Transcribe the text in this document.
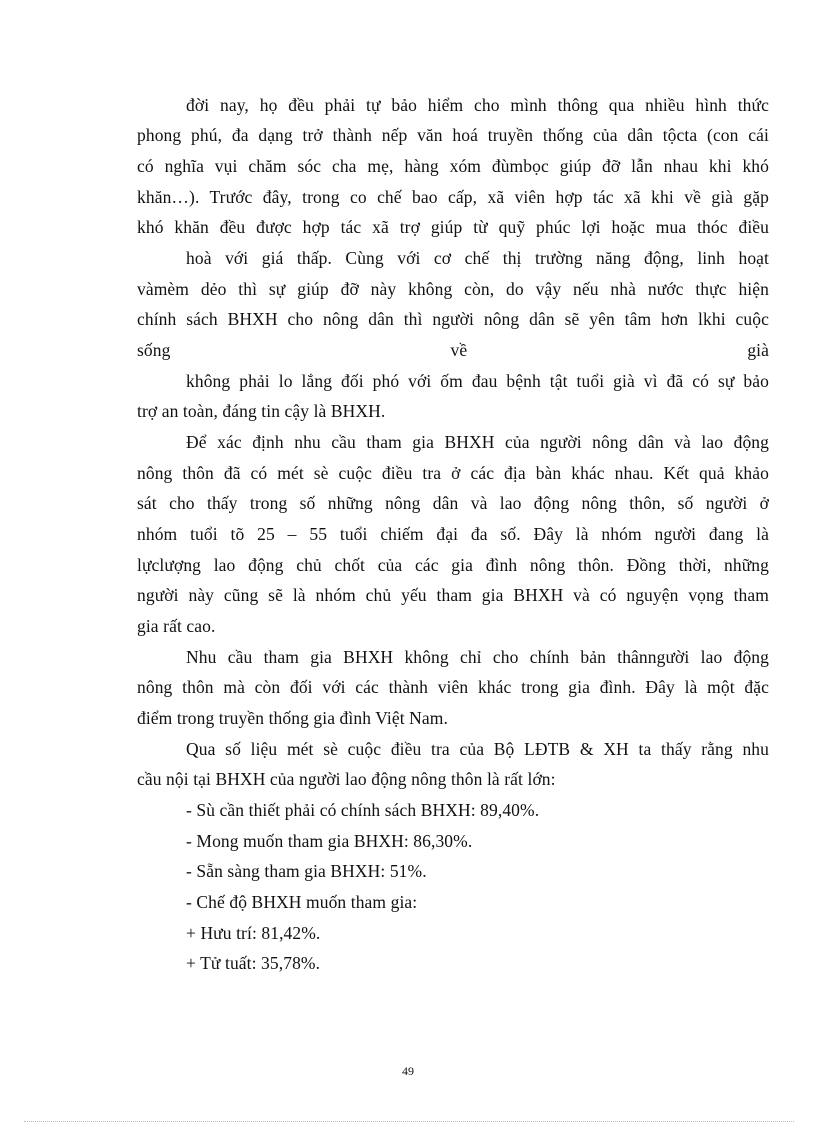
đời nay, họ đều phải tự bảo hiểm cho mình thông qua nhiều hình thức
phong phú, đa dạng trở thành nếp văn hoá truyền thống của dân tộcta (con cái
có nghĩa vụi chăm sóc cha mẹ, hàng xóm đùmbọc giúp đỡ lẫn nhau khi khó
khăn…). Trước đây, trong co chế bao cấp, xã viên hợp tác xã khi về già gặp
khó khăn đều được hợp tác xã trợ giúp từ quỹ phúc lợi hoặc mua thóc điều
hoà với giá thấp. Cùng với cơ chế thị trường năng động, linh hoạt
vàmèm dẻo thì sự giúp đỡ này không còn, do vậy nếu nhà nước thực hiện
chính sách BHXH cho nông dân thì người nông dân sẽ yên tâm hơn lkhi cuộc
sống về già
không phải lo lắng đối phó với ốm đau bệnh tật tuổi già vì đã có sự bảo
trợ an toàn, đáng tin cậy là BHXH.
Để xác định nhu cầu tham gia BHXH của người nông dân và lao động
nông thôn đã có mét sè cuộc điều tra ở các địa bàn khác nhau. Kết quả khảo
sát cho thấy trong số những nông dân và lao động nông thôn, số người ở
nhóm tuổi tõ 25 – 55 tuổi chiếm đại đa số. Đây là nhóm người đang là
lựclượng lao động chủ chốt của các gia đình nông thôn. Đồng thời, những
người này cũng sẽ là nhóm chủ yếu tham gia BHXH và có nguyện vọng tham
gia rất cao.
Nhu cầu tham gia BHXH không chỉ cho chính bản thânngười lao động
nông thôn mà còn đối với các thành viên khác trong gia đình. Đây là một đặc
điểm trong truyền thống gia đình Việt Nam.
Qua số liệu mét sè cuộc điều tra của Bộ LĐTB & XH ta thấy rằng nhu
cầu nội tại BHXH của người lao động nông thôn là rất lớn:
- Sù cần thiết phải có chính sách BHXH: 89,40%.
- Mong muốn tham gia BHXH: 86,30%.
- Sẵn sàng tham gia BHXH: 51%.
- Chế độ BHXH muốn tham gia:
+ Hưu trí: 81,42%.
+ Tử tuất: 35,78%.
49
